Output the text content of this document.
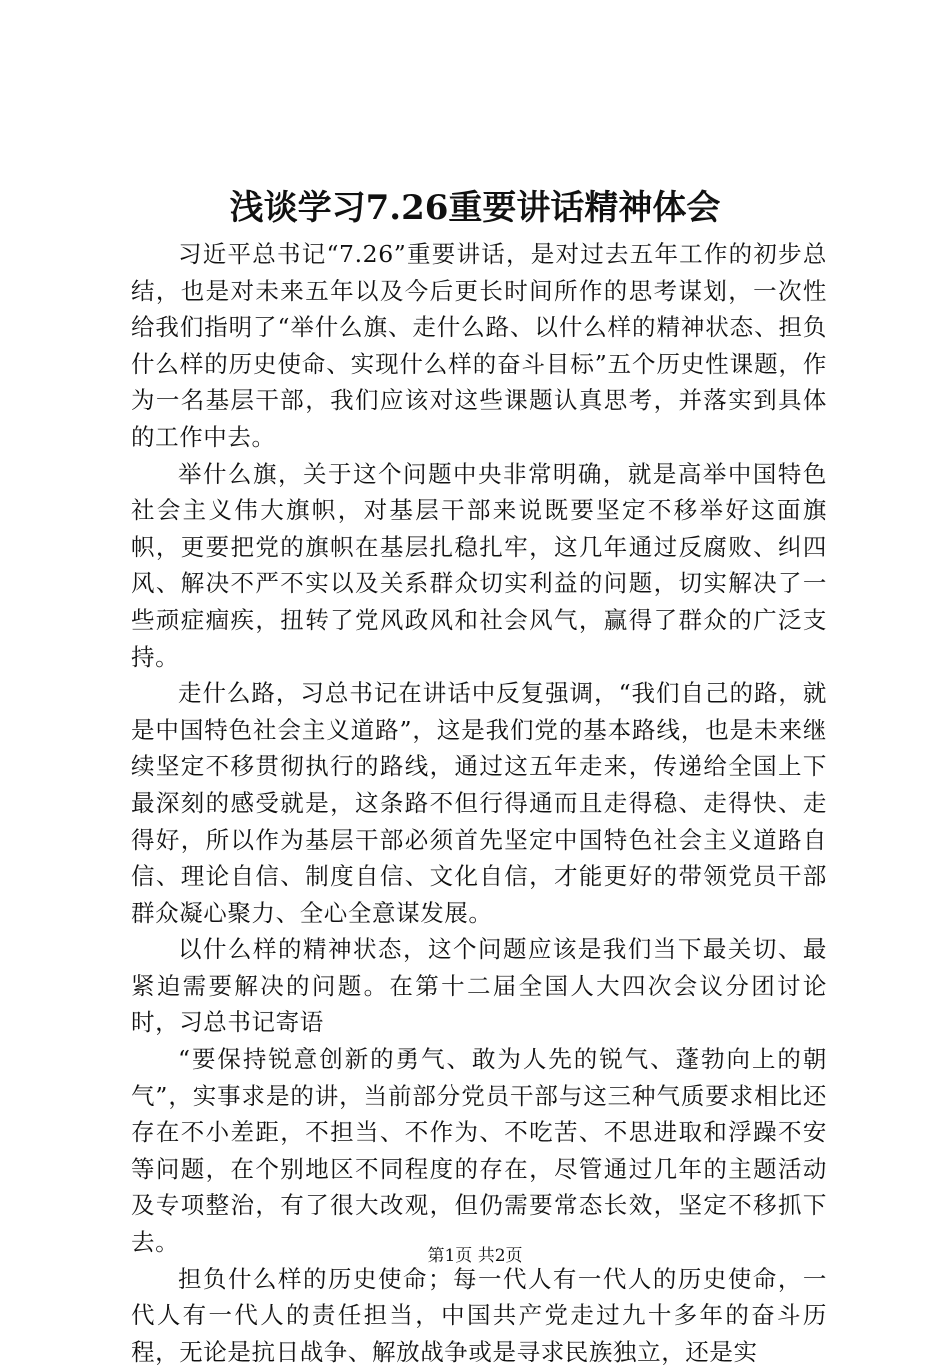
浅谈学习7.26重要讲话精神体会

习近平总书记“7.26”重要讲话，是对过去五年工作的初步总结，也是对未来五年以及今后更长时间所作的思考谋划，一次性给我们指明了“举什么旗、走什么路、以什么样的精神状态、担负什么样的历史使命、实现什么样的奋斗目标”五个历史性课题，作为一名基层干部，我们应该对这些课题认真思考，并落实到具体的工作中去。

举什么旗，关于这个问题中央非常明确，就是高举中国特色社会主义伟大旗帜，对基层干部来说既要坚定不移举好这面旗帜，更要把党的旗帜在基层扎稳扎牢，这几年通过反腐败、纠四风、解决不严不实以及关系群众切实利益的问题，切实解决了一些顽症痼疾，扭转了党风政风和社会风气，赢得了群众的广泛支持。

走什么路，习总书记在讲话中反复强调，“我们自己的路，就是中国特色社会主义道路”，这是我们党的基本路线，也是未来继续坚定不移贯彻执行的路线，通过这五年走来，传递给全国上下最深刻的感受就是，这条路不但行得通而且走得稳、走得快、走得好，所以作为基层干部必须首先坚定中国特色社会主义道路自信、理论自信、制度自信、文化自信，才能更好的带领党员干部群众凝心聚力、全心全意谋发展。

以什么样的精神状态，这个问题应该是我们当下最关切、最紧迫需要解决的问题。在第十二届全国人大四次会议分团讨论时，习总书记寄语

“要保持锐意创新的勇气、敢为人先的锐气、蓬勃向上的朝气”，实事求是的讲，当前部分党员干部与这三种气质要求相比还存在不小差距，不担当、不作为、不吃苦、不思进取和浮躁不安等问题，在个别地区不同程度的存在，尽管通过几年的主题活动及专项整治，有了很大改观，但仍需要常态长效，坚定不移抓下去。

担负什么样的历史使命；每一代人有一代人的历史使命，一代人有一代人的责任担当，中国共产党走过九十多年的奋斗历程，无论是抗日战争、解放战争或是寻求民族独立，还是实

第1页 共2页
